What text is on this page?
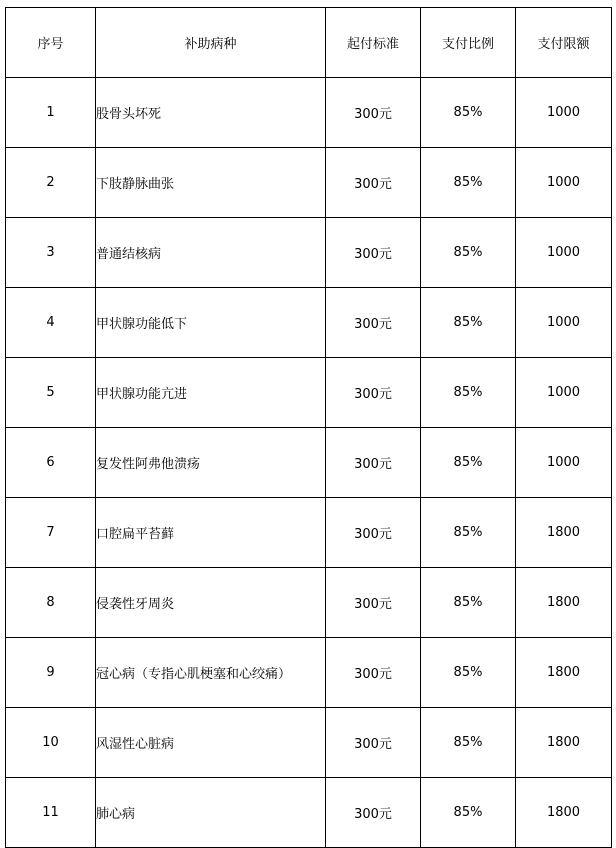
序号	补助病种	起付标准	支付比例	支付限额
1	股骨头坏死	300元	85%	1000
2	下肢静脉曲张	300元	85%	1000
3	普通结核病	300元	85%	1000
4	甲状腺功能低下	300元	85%	1000
5	甲状腺功能亢进	300元	85%	1000
6	复发性阿弗他溃疡	300元	85%	1000
7	口腔扁平苔藓	300元	85%	1800
8	侵袭性牙周炎	300元	85%	1800
9	冠心病（专指心肌梗塞和心绞痛）	300元	85%	1800
10	风湿性心脏病	300元	85%	1800
11	肺心病	300元	85%	1800
